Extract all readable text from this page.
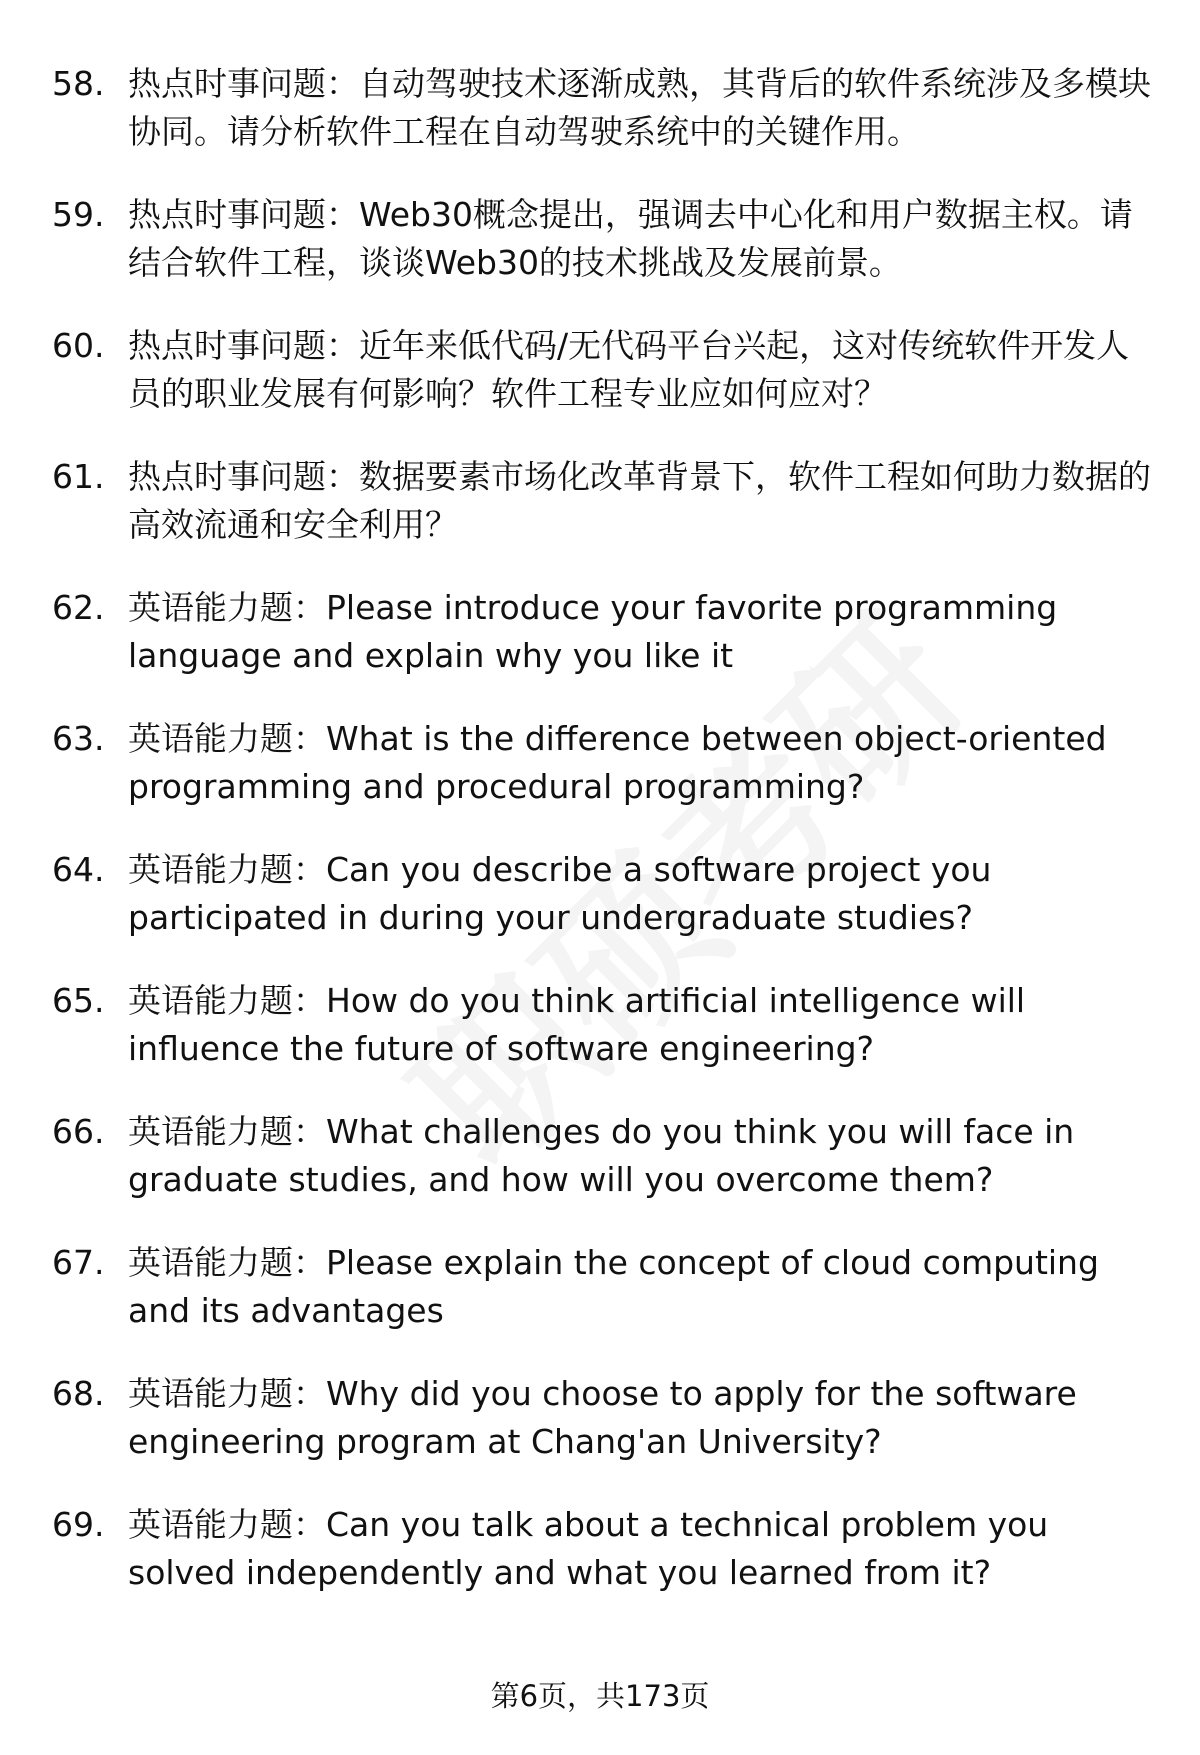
58. 热点时事问题：自动驾驶技术逐渐成熟，其背后的软件系统涉及多模块协同。请分析软件工程在自动驾驶系统中的关键作用。
59. 热点时事问题：Web30概念提出，强调去中心化和用户数据主权。请结合软件工程，谈谈Web30的技术挑战及发展前景。
60. 热点时事问题：近年来低代码/无代码平台兴起，这对传统软件开发人员的职业发展有何影响？软件工程专业应如何应对？
61. 热点时事问题：数据要素市场化改革背景下，软件工程如何助力数据的高效流通和安全利用？
62. 英语能力题：Please introduce your favorite programming language and explain why you like it
63. 英语能力题：What is the difference between object-oriented programming and procedural programming?
64. 英语能力题：Can you describe a software project you participated in during your undergraduate studies?
65. 英语能力题：How do you think artificial intelligence will influence the future of software engineering?
66. 英语能力题：What challenges do you think you will face in graduate studies, and how will you overcome them?
67. 英语能力题：Please explain the concept of cloud computing and its advantages
68. 英语能力题：Why did you choose to apply for the software engineering program at Chang'an University?
69. 英语能力题：Can you talk about a technical problem you solved independently and what you learned from it?
第6页，共173页
